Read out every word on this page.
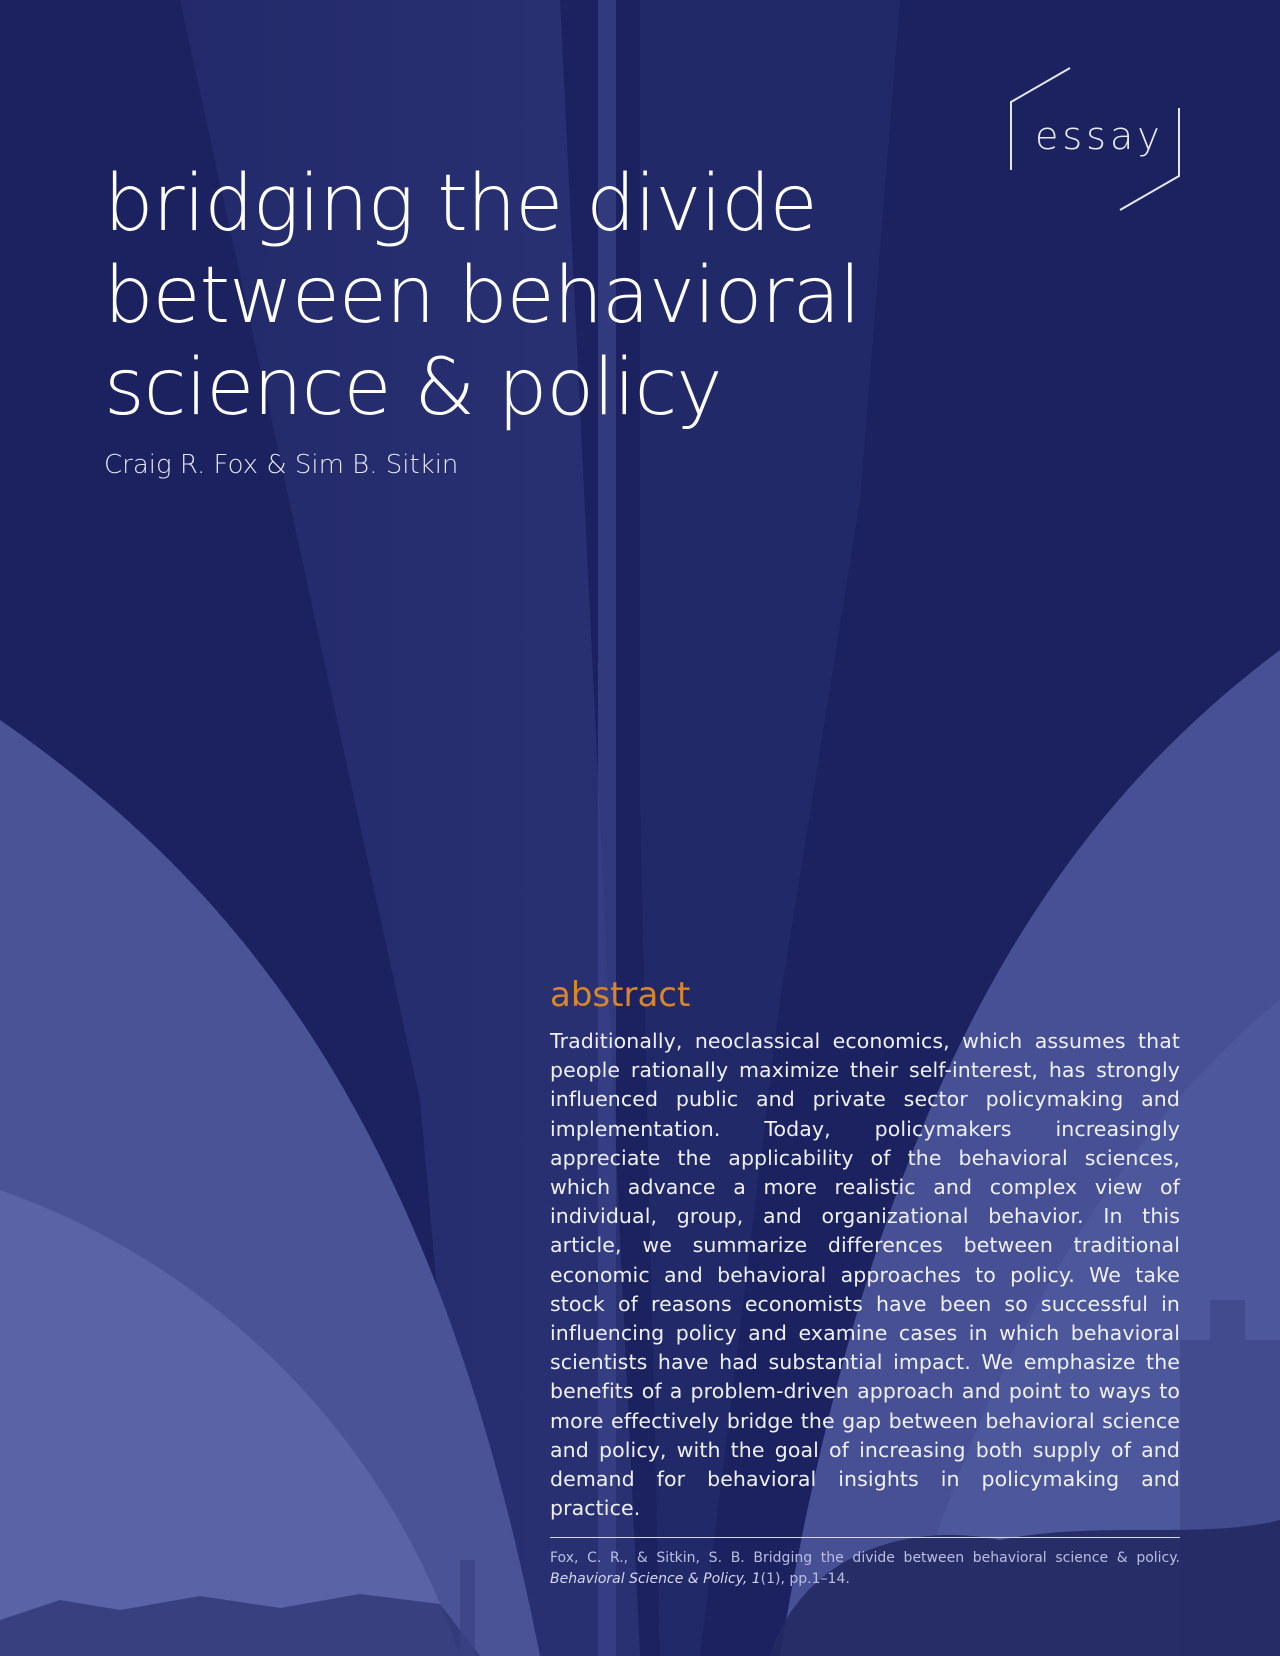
essay
bridging the divide
between behavioral
science & policy
Craig R. Fox & Sim B. Sitkin
abstract

Traditionally, neoclassical economics, which assumes that people rationally maximize their self-interest, has strongly influenced public and private sector policymaking and implementation. Today, policymakers increasingly appreciate the applicability of the behavioral sciences, which advance a more realistic and complex view of individual, group, and organizational behavior. In this article, we summarize differences between traditional economic and behavioral approaches to policy. We take stock of reasons economists have been so successful in influencing policy and examine cases in which behavioral scientists have had substantial impact. We emphasize the benefits of a problem-driven approach and point to ways to more effectively bridge the gap between behavioral science and policy, with the goal of increasing both supply of and demand for behavioral insights in policymaking and practice.

Fox, C. R., & Sitkin, S. B. Bridging the divide between behavioral science & policy. Behavioral Science & Policy, 1(1), pp.1–14.
